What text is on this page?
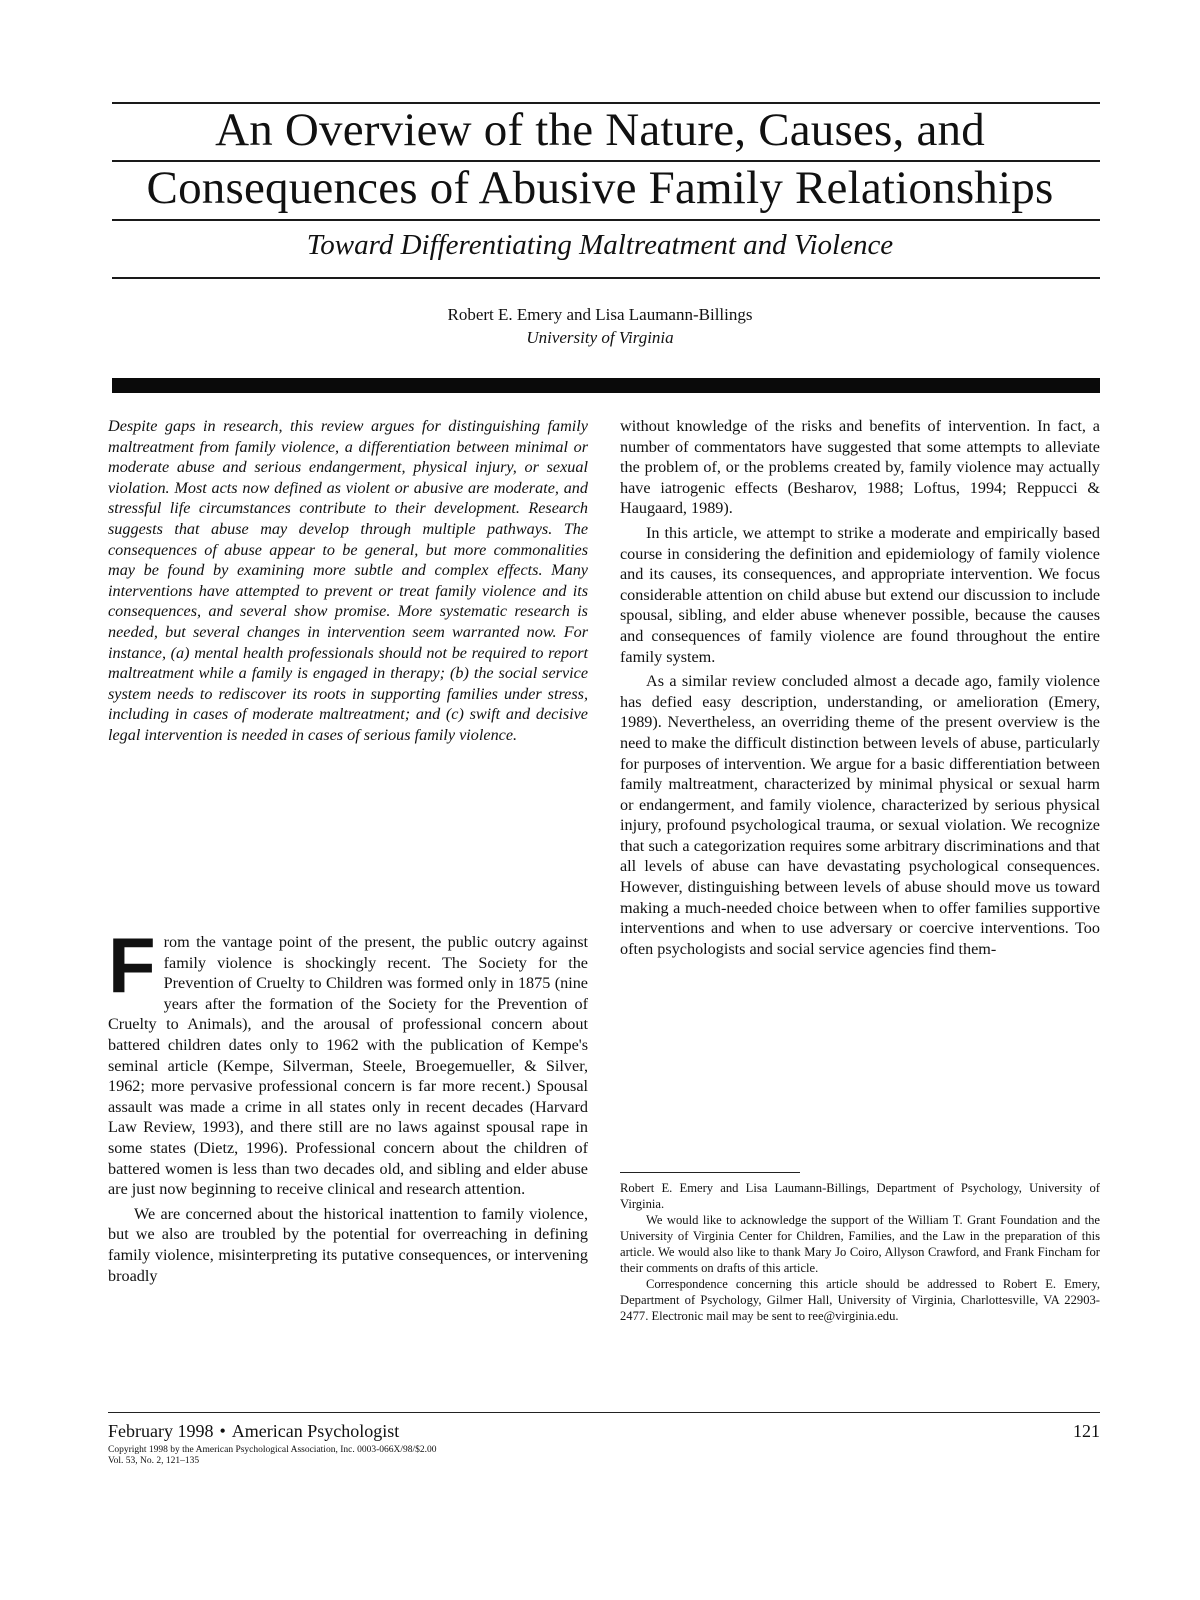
An Overview of the Nature, Causes, and
Consequences of Abusive Family Relationships
Toward Differentiating Maltreatment and Violence
Robert E. Emery and Lisa Laumann-Billings
University of Virginia

Despite gaps in research, this review argues for distinguishing family maltreatment from family violence, a differentiation between minimal or moderate abuse and serious endangerment, physical injury, or sexual violation. Most acts now defined as violent or abusive are moderate, and stressful life circumstances contribute to their development. Research suggests that abuse may develop through multiple pathways. The consequences of abuse appear to be general, but more commonalities may be found by examining more subtle and complex effects. Many interventions have attempted to prevent or treat family violence and its consequences, and several show promise. More systematic research is needed, but several changes in intervention seem warranted now. For instance, (a) mental health professionals should not be required to report maltreatment while a family is engaged in therapy; (b) the social service system needs to rediscover its roots in supporting families under stress, including in cases of moderate maltreatment; and (c) swift and decisive legal intervention is needed in cases of serious family violence.

F rom the vantage point of the present, the public outcry against family violence is shockingly recent. The Society for the Prevention of Cruelty to Children was formed only in 1875 (nine years after the formation of the Society for the Prevention of Cruelty to Animals), and the arousal of professional concern about battered children dates only to 1962 with the publication of Kempe's seminal article (Kempe, Silverman, Steele, Broegemueller, & Silver, 1962; more pervasive professional concern is far more recent.) Spousal assault was made a crime in all states only in recent decades (Harvard Law Review, 1993), and there still are no laws against spousal rape in some states (Dietz, 1996). Professional concern about the children of battered women is less than two decades old, and sibling and elder abuse are just now beginning to receive clinical and research attention.

We are concerned about the historical inattention to family violence, but we also are troubled by the potential for overreaching in defining family violence, misinterpreting its putative consequences, or intervening broadly

without knowledge of the risks and benefits of intervention. In fact, a number of commentators have suggested that some attempts to alleviate the problem of, or the problems created by, family violence may actually have iatrogenic effects (Besharov, 1988; Loftus, 1994; Reppucci & Haugaard, 1989).

In this article, we attempt to strike a moderate and empirically based course in considering the definition and epidemiology of family violence and its causes, its consequences, and appropriate intervention. We focus considerable attention on child abuse but extend our discussion to include spousal, sibling, and elder abuse whenever possible, because the causes and consequences of family violence are found throughout the entire family system.

As a similar review concluded almost a decade ago, family violence has defied easy description, understanding, or amelioration (Emery, 1989). Nevertheless, an overriding theme of the present overview is the need to make the difficult distinction between levels of abuse, particularly for purposes of intervention. We argue for a basic differentiation between family maltreatment, characterized by minimal physical or sexual harm or endangerment, and family violence, characterized by serious physical injury, profound psychological trauma, or sexual violation. We recognize that such a categorization requires some arbitrary discriminations and that all levels of abuse can have devastating psychological consequences. However, distinguishing between levels of abuse should move us toward making a much-needed choice between when to offer families supportive interventions and when to use adversary or coercive interventions. Too often psychologists and social service agencies find them-

Robert E. Emery and Lisa Laumann-Billings, Department of Psychology, University of Virginia.

We would like to acknowledge the support of the William T. Grant Foundation and the University of Virginia Center for Children, Families, and the Law in the preparation of this article. We would also like to thank Mary Jo Coiro, Allyson Crawford, and Frank Fincham for their comments on drafts of this article.

Correspondence concerning this article should be addressed to Robert E. Emery, Department of Psychology, Gilmer Hall, University of Virginia, Charlottesville, VA 22903-2477. Electronic mail may be sent to ree@virginia.edu.

February 1998 • American Psychologist	121
Copyright 1998 by the American Psychological Association, Inc. 0003-066X/98/$2.00
Vol. 53, No. 2, 121–135
